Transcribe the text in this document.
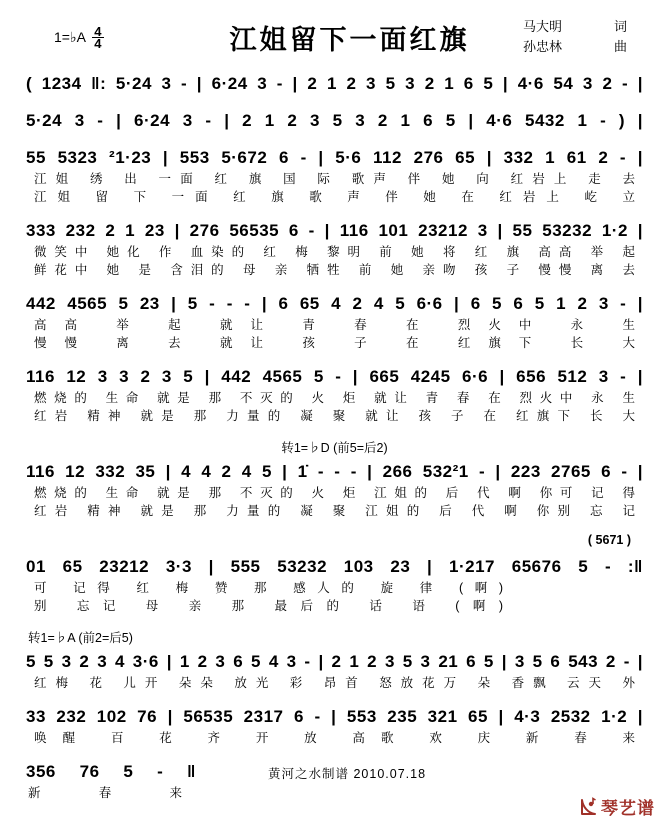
1=♭A $\frac{4}{4}$	江姐留下一面红旗	马大明	词
孙忠林	曲
( 1234 ‖: 5·24 3 - | 6·24 3 - | 2 1 2 3 5 3 2 1 6 5 | 4·6 54 3 2 - |
5·24 3 - | 6·24 3 - | 2 1 2 3 5 3 2 1 6 5 | 4·6 5432 1 - ) |
55 5323 ²1·23 | 553 5·672 6 - | 5·6 112 276 65 | 332 1 61 2 - |
江姐 绣 出 一面 红 旗 国 际 歌声 伴 她 向 红岩上 走 去
江姐 留 下 一面 红 旗 歌 声 伴 她 在 红岩上 屹 立
333 232 2 1 23 | 276 56535 6 - | 116 101 23212 3 | 55 53232 1·2 |
微笑中 她化 作 血染的 红 梅 黎明 前 她 将 红 旗 高高 举 起
鲜花中 她 是 含泪的 母 亲 牺牲 前 她 亲吻 孩 子 慢慢 离 去
442 4565 5 23 | 5 - - - | 6 65 4 2 4 5 6·6 | 6 5 6 5 1 2 3 - |
高高 举 起 就让 青 春 在 烈火中 永 生
慢慢 离 去 就让 孩 子 在 红旗下 长 大
116 12 3 3 2 3 5 | 442 4565 5 - | 665 4245 6·6 | 656 512 3 - |
燃烧的 生命 就是 那 不灭的 火 炬 就让 青 春 在 烈火中 永 生
红岩 精神 就是 那 力量的 凝 聚 就让 孩 子 在 红旗下 长 大
转1=♭D (前5=后2)
116 12 332 35 | 4 4 2 4 5 | 1̇ - - - | 266 532²1 - | 223 2765 6 - |
燃烧的 生命 就是 那 不灭的 火 炬 江姐的 后 代 啊 你可 记 得
红岩 精神 就是 那 力量的 凝 聚 江姐的 后 代 啊 你别 忘 记
( 5671 )
01 65 23212 3·3 | 555 53232 103 23 | 1·217 65676 5 - :‖
可 记得 红 梅 赞 那 感人的 旋 律 (啊)
别 忘记 母 亲 那 最后的 话 语 (啊)
转1=♭A (前2=后5)
5 5 3 2 3 4 3·6 | 1 2 3 6 5 4 3 - | 2 1 2 3 5 3 21 6 5 | 3 5 6 543 2 - |
红梅 花 儿开 朵朵 放光 彩 昂首 怒放花万 朵 香飘 云天 外
33 232 102 76 | 56535 2317 6 - | 553 235 321 65 | 4·3 2532 1·2 |
唤醒 百 花 齐 开 放 高歌 欢 庆 新 春 来
356 76 5 - ‖
新 春 来
黄河之水制谱 2010.07.18
琴艺谱
